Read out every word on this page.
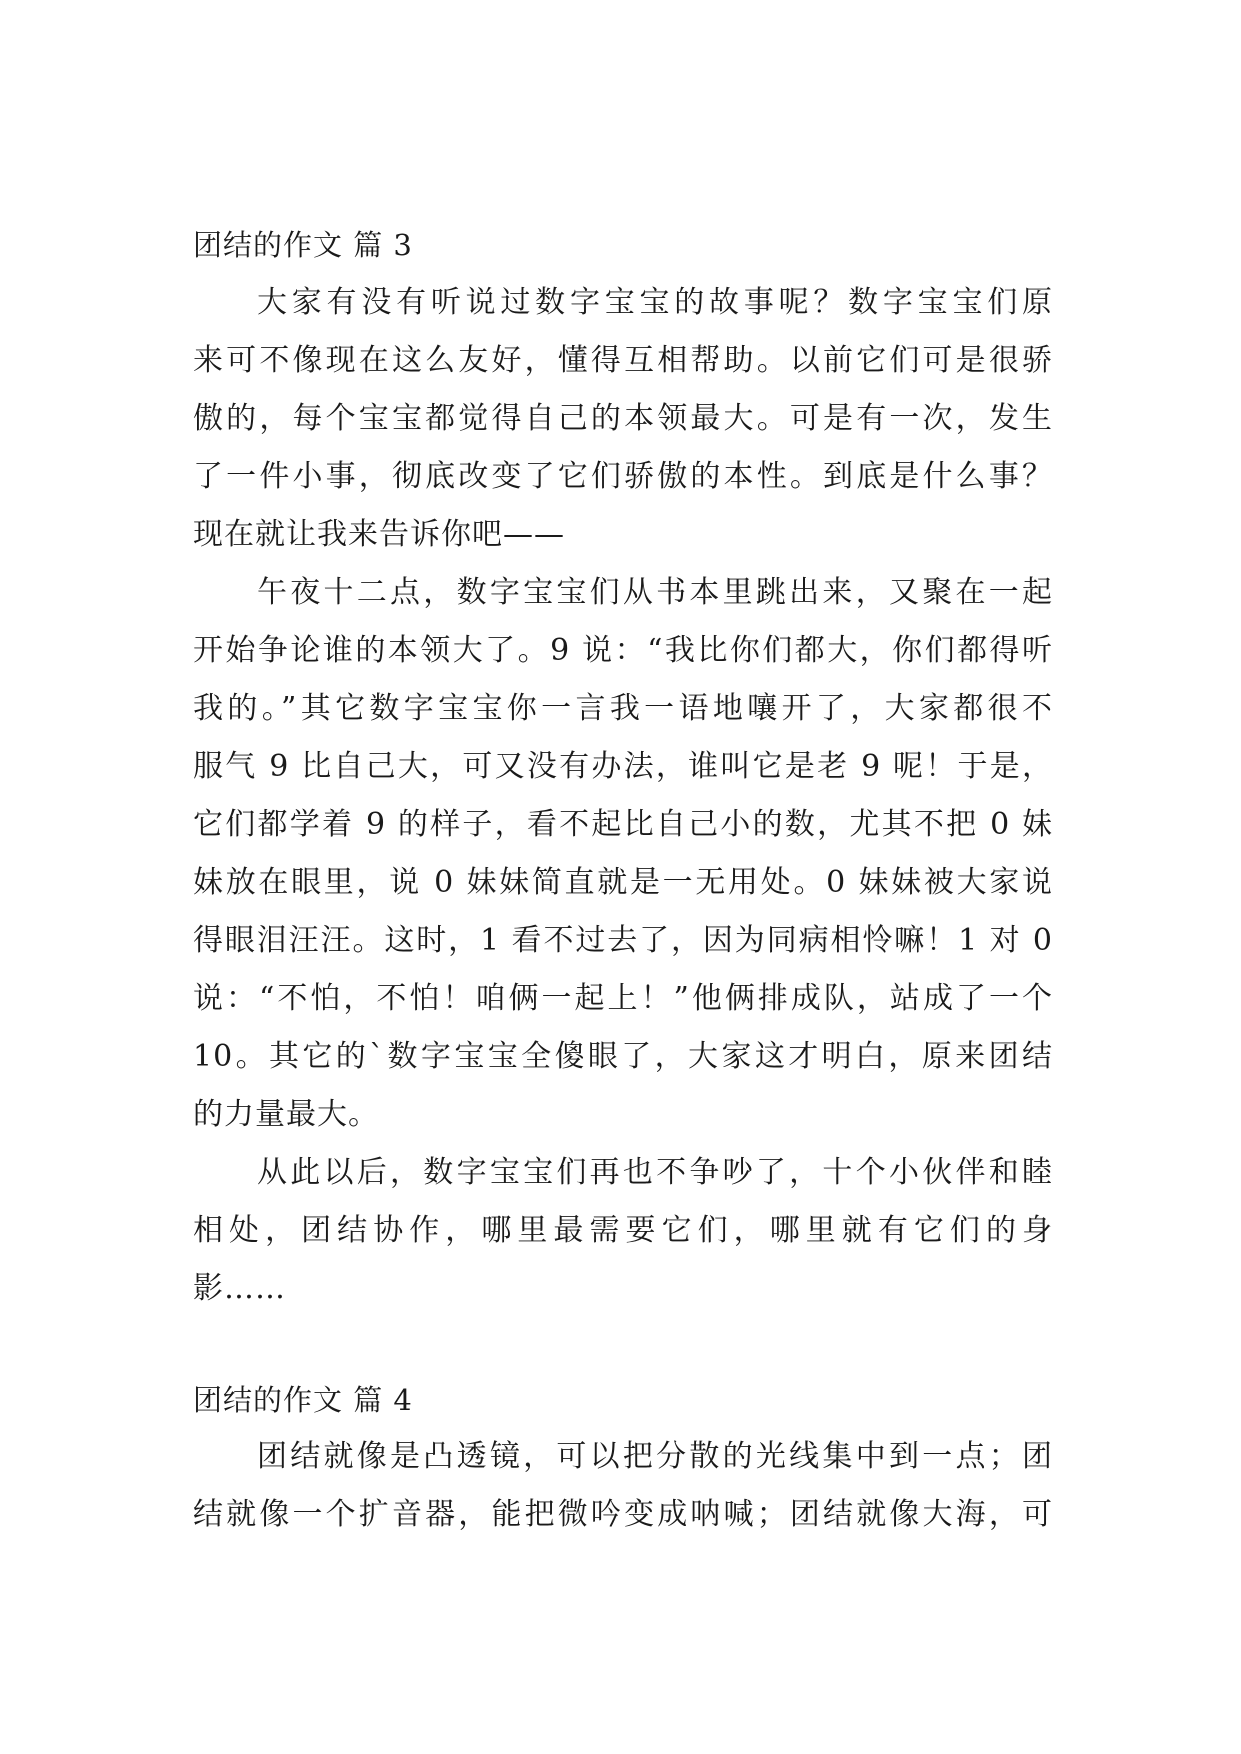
团结的作文 篇 3
大家有没有听说过数字宝宝的故事呢？数字宝宝们原
来可不像现在这么友好，懂得互相帮助。以前它们可是很骄
傲的，每个宝宝都觉得自己的本领最大。可是有一次，发生
了一件小事，彻底改变了它们骄傲的本性。到底是什么事？
现在就让我来告诉你吧——
午夜十二点，数字宝宝们从书本里跳出来，又聚在一起
开始争论谁的本领大了。9 说：“我比你们都大，你们都得听
我的。”其它数字宝宝你一言我一语地嚷开了，大家都很不
服气 9 比自己大，可又没有办法，谁叫它是老 9 呢！于是，
它们都学着 9 的样子，看不起比自己小的数，尤其不把 0 妹
妹放在眼里，说 0 妹妹简直就是一无用处。0 妹妹被大家说
得眼泪汪汪。这时，1 看不过去了，因为同病相怜嘛！1 对 0
说：“不怕，不怕！咱俩一起上！”他俩排成队，站成了一个
10。其它的`数字宝宝全傻眼了，大家这才明白，原来团结
的力量最大。
从此以后，数字宝宝们再也不争吵了，十个小伙伴和睦
相处，团结协作，哪里最需要它们，哪里就有它们的身
影……
团结的作文 篇 4
团结就像是凸透镜，可以把分散的光线集中到一点；团
结就像一个扩音器，能把微吟变成呐喊；团结就像大海，可
